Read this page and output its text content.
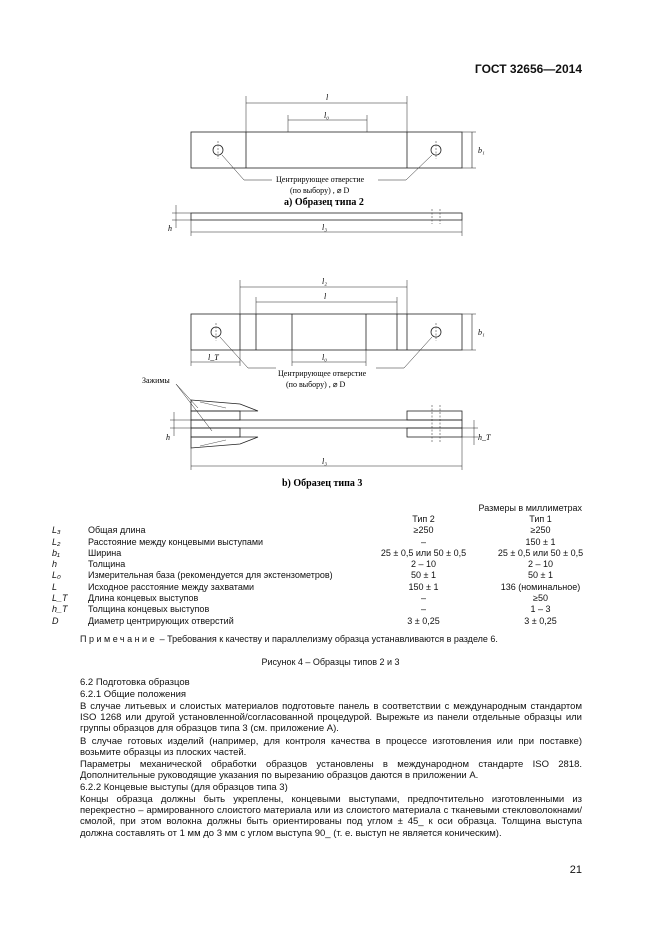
ГОСТ 32656—2014
l
l₀
b₁
Центрирующее отверстие
(по выбору) , ⌀ D
a) Образец типа 2
h	l₃
l₂
l
b₁
l_T	l₀
Центрирующее отверстие
(по выбору) , ⌀ D
Зажимы
h	h_T
l₃
b) Образец типа 3
Размеры в миллиметрах
		Тип 2	Тип 1
L₃	Общая длина	≥250	≥250
L₂	Расстояние между концевыми выступами	–	150 ± 1
b₁	Ширина	25 ± 0,5 или 50 ± 0,5	25 ± 0,5 или 50 ± 0,5
h	Толщина	2 – 10	2 – 10
L₀	Измерительная база (рекомендуется для экстензометров)	50 ± 1	50 ± 1
L	Исходное расстояние между захватами	150 ± 1	136 (номинальное)
L_T	Длина концевых выступов	–	≥50
h_T	Толщина концевых выступов	–	1 – 3
D	Диаметр центрирующих отверстий	3 ± 0,25	3 ± 0,25
Примечание – Требования к качеству и параллелизму образца устанавливаются в разделе 6.
Рисунок 4 – Образцы типов 2 и 3
6.2 Подготовка образцов
6.2.1 Общие положения
В случае литьевых и слоистых материалов подготовьте панель в соответствии с международным стандартом ISO 1268 или другой установленной/согласованной процедурой. Вырежьте из панели отдельные образцы или группы образцов для образцов типа 3 (см. приложение А).
В случае готовых изделий (например, для контроля качества в процессе изготовления или при поставке) возьмите образцы из плоских частей.
Параметры механической обработки образцов установлены в международном стандарте ISO 2818. Дополнительные руководящие указания по вырезанию образцов даются в приложении А.
6.2.2 Концевые выступы (для образцов типа 3)
Концы образца должны быть укреплены, концевыми выступами, предпочтительно изготовленными из перекрестно – армированного слоистого материала или из слоистого материала с тканевыми стекловолокнами/смолой, при этом волокна должны быть ориентированы под углом ± 45_ к оси образца. Толщина выступа должна составлять от 1 мм до 3 мм с углом выступа 90_ (т. е. выступ не является коническим).
21
